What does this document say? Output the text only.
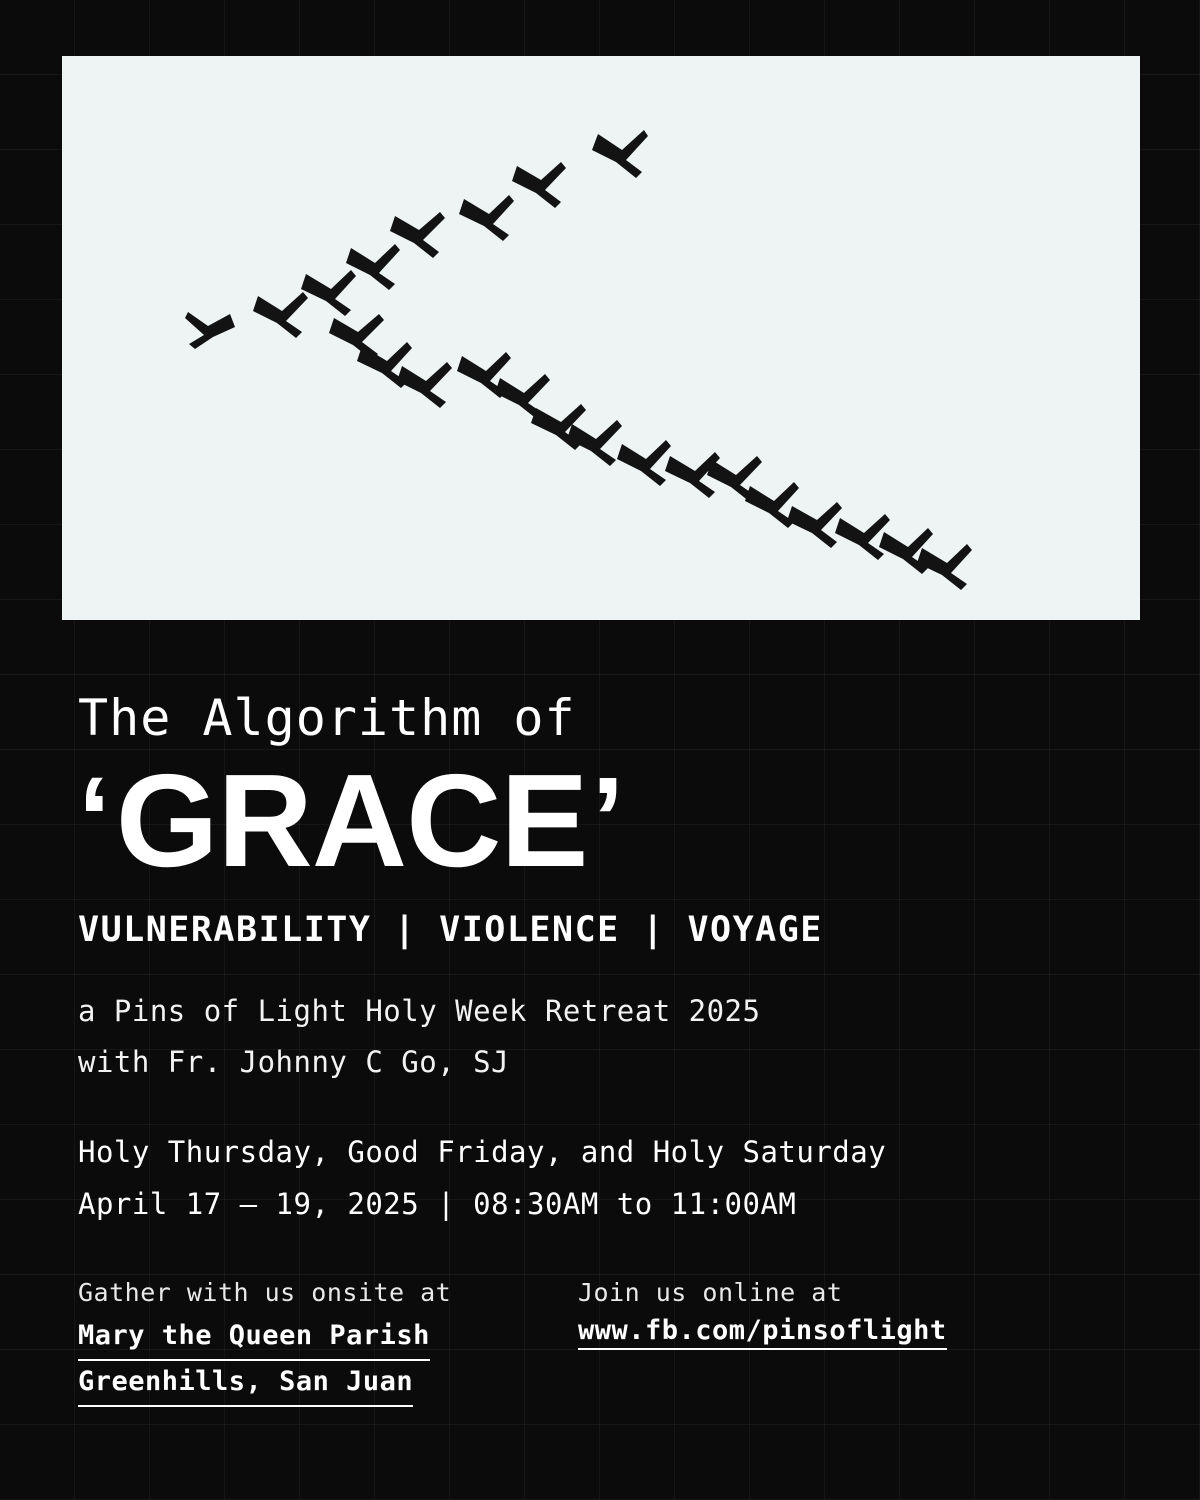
The Algorithm of
‘ GRACE ’
VULNERABILITY | VIOLENCE | VOYAGE
a Pins of Light Holy Week Retreat 2025
with Fr. Johnny C Go, SJ
Holy Thursday, Good Friday, and Holy Saturday
April 17 – 19, 2025 | 08:30AM to 11:00AM
Gather with us onsite at
Mary the Queen Parish
Greenhills, San Juan
Join us online at
www.fb.com/pinsoflight
